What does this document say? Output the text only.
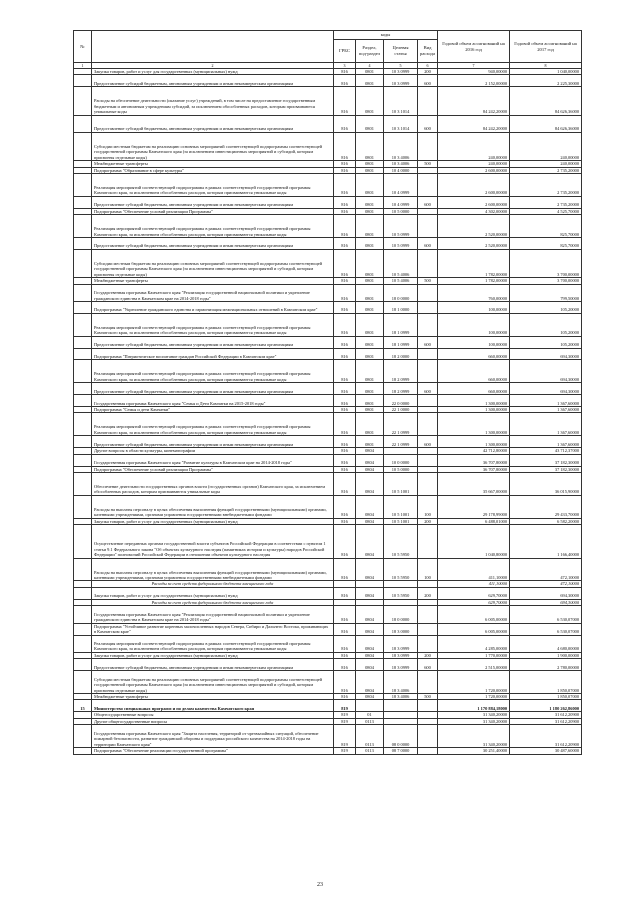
№		коды				Годовой объем ассигнований на 2016 год	Годовой объем ассигнований на 2017 год
		ГРБС	Раздел, под-раздел	Целевая статья	Вид расхода		
1	2	3	4	5	6	7	8
	Закупка товаров, работ и услуг для государственных (муниципальных) нужд	816	0801	10 3 0999	200	940,00000	1 040,00000
	Предоставление субсидий бюджетным, автономным учреждениям и иным некоммерческим организациям	816	0801	10 3 0999	600	2 152,00000	2 225,30000
	Расходы на обеспечение деятельности (оказание услуг) учреждений, в том числе на предоставление государственным бюджетным и автономным учреждениям субсидий, за исключением обособленных расходов, которым присваиваются уникальные коды	816	0801	10 3 1014		84 242,20000	84 626,36000
	Предоставление субсидий бюджетным, автономным учреждениям и иным некоммерческим организациям	816	0801	10 3 1014	600	84 242,20000	84 626,36000
	Субсидии местным бюджетам на реализацию основных мероприятий соответствующей подпрограммы соответствующей государственной программы Камчатского края (за исключением инвестиционных мероприятий и субсидий, которым присвоены отдельные коды)	816	0801	10 3 4006		240,00000	240,00000
	Межбюджетные трансферты	816	0801	10 3 4006	500	240,00000	240,00000
	Подпрограмма "Образование в сфере культуры"	816	0801	10 4 0000		2 600,00000	2 735,20000
	Реализация мероприятий соответствующей подпрограммы в рамках соответствующей государственной программы Камчатского края, за исключением обособленных расходов, которым присваиваются уникальные коды	816	0801	10 4 0999		2 600,00000	2 735,20000
	Предоставление субсидий бюджетным, автономным учреждениям и иным некоммерческим организациям	816	0801	10 4 0999	600	2 600,00000	2 735,20000
	Подпрограмма "Обеспечение условий реализации Программы"	816	0801	10 5 0000		4 302,00000	4 525,70000
	Реализация мероприятий соответствующей подпрограммы в рамках соответствующей государственной программы Камчатского края, за исключением обособленных расходов, которым присваиваются уникальные коды	816	0801	10 5 0999		2 520,00000	825,70000
	Предоставление субсидий бюджетным, автономным учреждениям и иным некоммерческим организациям	816	0801	10 5 0999	600	2 520,00000	825,70000
	Субсидии местным бюджетам на реализацию основных мероприятий соответствующей подпрограммы соответствующей государственной программы Камчатского края (за исключением инвестиционных мероприятий и субсидий, которым присвоены отдельные коды)	816	0801	10 5 4006		1 782,00000	3 700,00000
	Межбюджетные трансферты	816	0801	10 5 4006	500	1 782,00000	3 700,00000
	Государственная программа Камчатского края "Реализация государственной национальной политики и укрепление гражданского единства в Камчатском крае на 2014-2018 годы"	816	0801	18 0 0000		760,00000	799,50000
	Подпрограмма "Укрепление гражданского единства и гармонизация межнациональных отношений в Камчатском крае"	816	0801	18 1 0000		100,00000	105,20000
	Реализация мероприятий соответствующей подпрограммы в рамках соответствующей государственной программы Камчатского края, за исключением обособленных расходов, которым присваиваются уникальные коды	816	0801	18 1 0999		100,00000	105,20000
	Предоставление субсидий бюджетным, автономным учреждениям и иным некоммерческим организациям	816	0801	18 1 0999	600	100,00000	105,20000
	Подпрограмма "Патриотическое воспитание граждан Российской Федерации в Камчатском крае"	816	0801	18 2 0000		660,00000	694,30000
	Реализация мероприятий соответствующей подпрограммы в рамках соответствующей государственной программы Камчатского края, за исключением обособленных расходов, которым присваиваются уникальные коды	816	0801	18 2 0999		660,00000	694,30000
	Предоставление субсидий бюджетным, автономным учреждениям и иным некоммерческим организациям	816	0801	18 2 0999	600	660,00000	694,30000
	Государственная программа Камчатского края "Семья и Дети Камчатки на 2015-2018 годы"	816	0801	22 0 0000		1 300,00000	1 367,60000
	Подпрограмма "Семья и дети Камчатки"	816	0801	22 1 0000		1 300,00000	1 367,60000
	Реализация мероприятий соответствующей подпрограммы в рамках соответствующей государственной программы Камчатского края, за исключением обособленных расходов, которым присваиваются уникальные коды	816	0801	22 1 0999		1 300,00000	1 367,60000
	Предоставление субсидий бюджетным, автономным учреждениям и иным некоммерческим организациям	816	0801	22 1 0999	600	1 300,00000	1 367,60000
	Другие вопросы в области культуры, кинематографии	816	0804			42 712,80000	43 712,37000
	Государственная программа Камчатского края "Развитие культуры в Камчатском крае на 2014-2018 годы"	816	0804	10 0 0000		36 707,80000	37 182,30000
	Подпрограмма "Обеспечение условий реализации Программы"	816	0804	10 5 0000		36 707,80000	37 182,30000
	Обеспечение деятельности государственных органов власти (государственных органов) Камчатского края, за исключением обособленных расходов, которым присваиваются уникальные коды	816	0804	10 5 1001		35 667,00000	36 015,90000
	Расходы на выплаты персоналу в целях обеспечения выполнения функций государственными (муниципальными) органами, казенными учреждениями, органами управления государственными внебюджетными фондами	816	0804	10 5 1001	100	29 178,99000	29 433,70000
	Закупка товаров, работ и услуг для государственных (муниципальных) нужд	816	0804	10 5 1001	200	6 488,01000	6 582,20000
	Осуществление переданных органам государственной власти субъектов Российской Федерации в соответствии с пунктом 1 статьи 9.1 Федерального закона "Об объектах культурного наследия (памятниках истории и культуры) народов Российской Федерации" полномочий Российской Федерации в отношении объектов культурного наследия	816	0804	10 5 5950		1 040,80000	1 166,40000
	Расходы на выплаты персоналу в целях обеспечения выполнения функций государственными (муниципальными) органами, казенными учреждениями, органами управления государственными внебюджетными фондами	816	0804	10 5 5950	100	411,10000	472,10000
	Расходы за счет средств федерального бюджета вмещаемого года					411,10000	472,10000
	Закупка товаров, работ и услуг для государственных (муниципальных) нужд	816	0804	10 5 5950	200	629,70000	694,30000
	Расходы за счет средств федерального бюджета вмещаемого года					629,70000	694,30000
	Государственная программа Камчатского края "Реализация государственной национальной политики и укрепление гражданского единства в Камчатском крае на 2014-2018 годы"	816	0804	18 0 0000		6 005,00000	6 530,07000
	Подпрограмма "Устойчивое развитие коренных малочисленных народов Севера, Сибири и Дальнего Востока, проживающих в Камчатском крае"	816	0804	18 3 0000		6 005,00000	6 530,07000
	Реализация мероприятий соответствующей подпрограммы в рамках соответствующей государственной программы Камчатского края, за исключением обособленных расходов, которым присваиваются уникальные коды	816	0804	18 3 0999		4 285,00000	4 680,00000
	Закупка товаров, работ и услуг для государственных (муниципальных) нужд	816	0804	18 3 0999	200	1 770,00000	1 900,00000
	Предоставление субсидий бюджетным, автономным учреждениям и иным некоммерческим организациям	816	0804	18 3 0999	600	2 515,00000	2 780,00000
	Субсидии местным бюджетам на реализацию основных мероприятий соответствующей подпрограммы соответствующей государственной программы Камчатского края (за исключением инвестиционных мероприятий и субсидий, которым присвоены отдельные коды)	816	0804	18 3 4006		1 720,00000	1 850,07000
	Межбюджетные трансферты	816	0804	18 3 4006	500	1 720,00000	1 850,07000
15	Министерство специальных программ и по делам казачества Камчатского края	819				1 170 884,18000	1 180 262,86000
	Общегосударственные вопросы	819	01			31 340,20000	31 612,20900
	Другие общегосударственные вопросы	819	0113			31 340,20000	31 612,20900
	Государственная программа Камчатского края "Защита населения, территорий от чрезвычайных ситуаций, обеспечение пожарной безопасности, развитие гражданской обороны и поддержка российского казачества на 2014-2018 годы на территории Камчатского края"	819	0113	08 0 0000		31 340,20000	31 612,20900
	Подпрограмма "Обеспечение реализации государственной программы"	819	0113	08 7 0000		30 251,40000	30 487,60000
23
